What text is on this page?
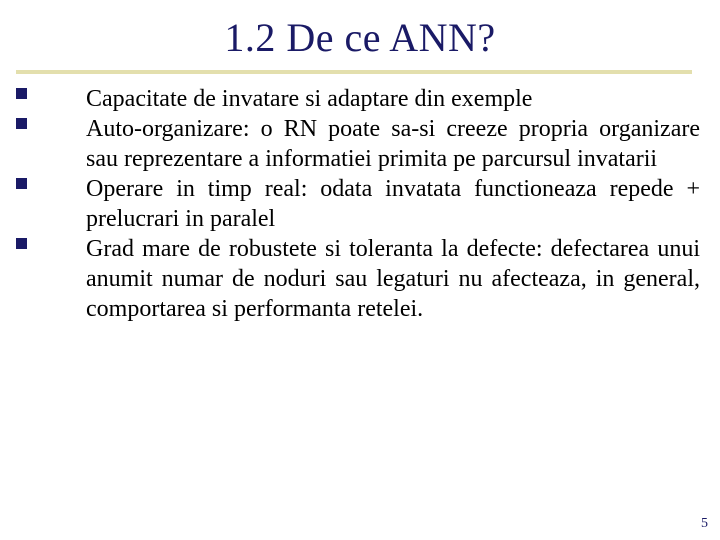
1.2 De ce ANN?
Capacitate de invatare si adaptare din exemple
Auto-organizare: o RN poate sa-si creeze propria organizare sau reprezentare a informatiei primita pe parcursul invatarii
Operare in timp real: odata invatata functioneaza repede + prelucrari in paralel
Grad mare de robustete si toleranta la defecte: defectarea unui anumit numar de noduri sau legaturi nu afecteaza, in general, comportarea si performanta retelei.
5
